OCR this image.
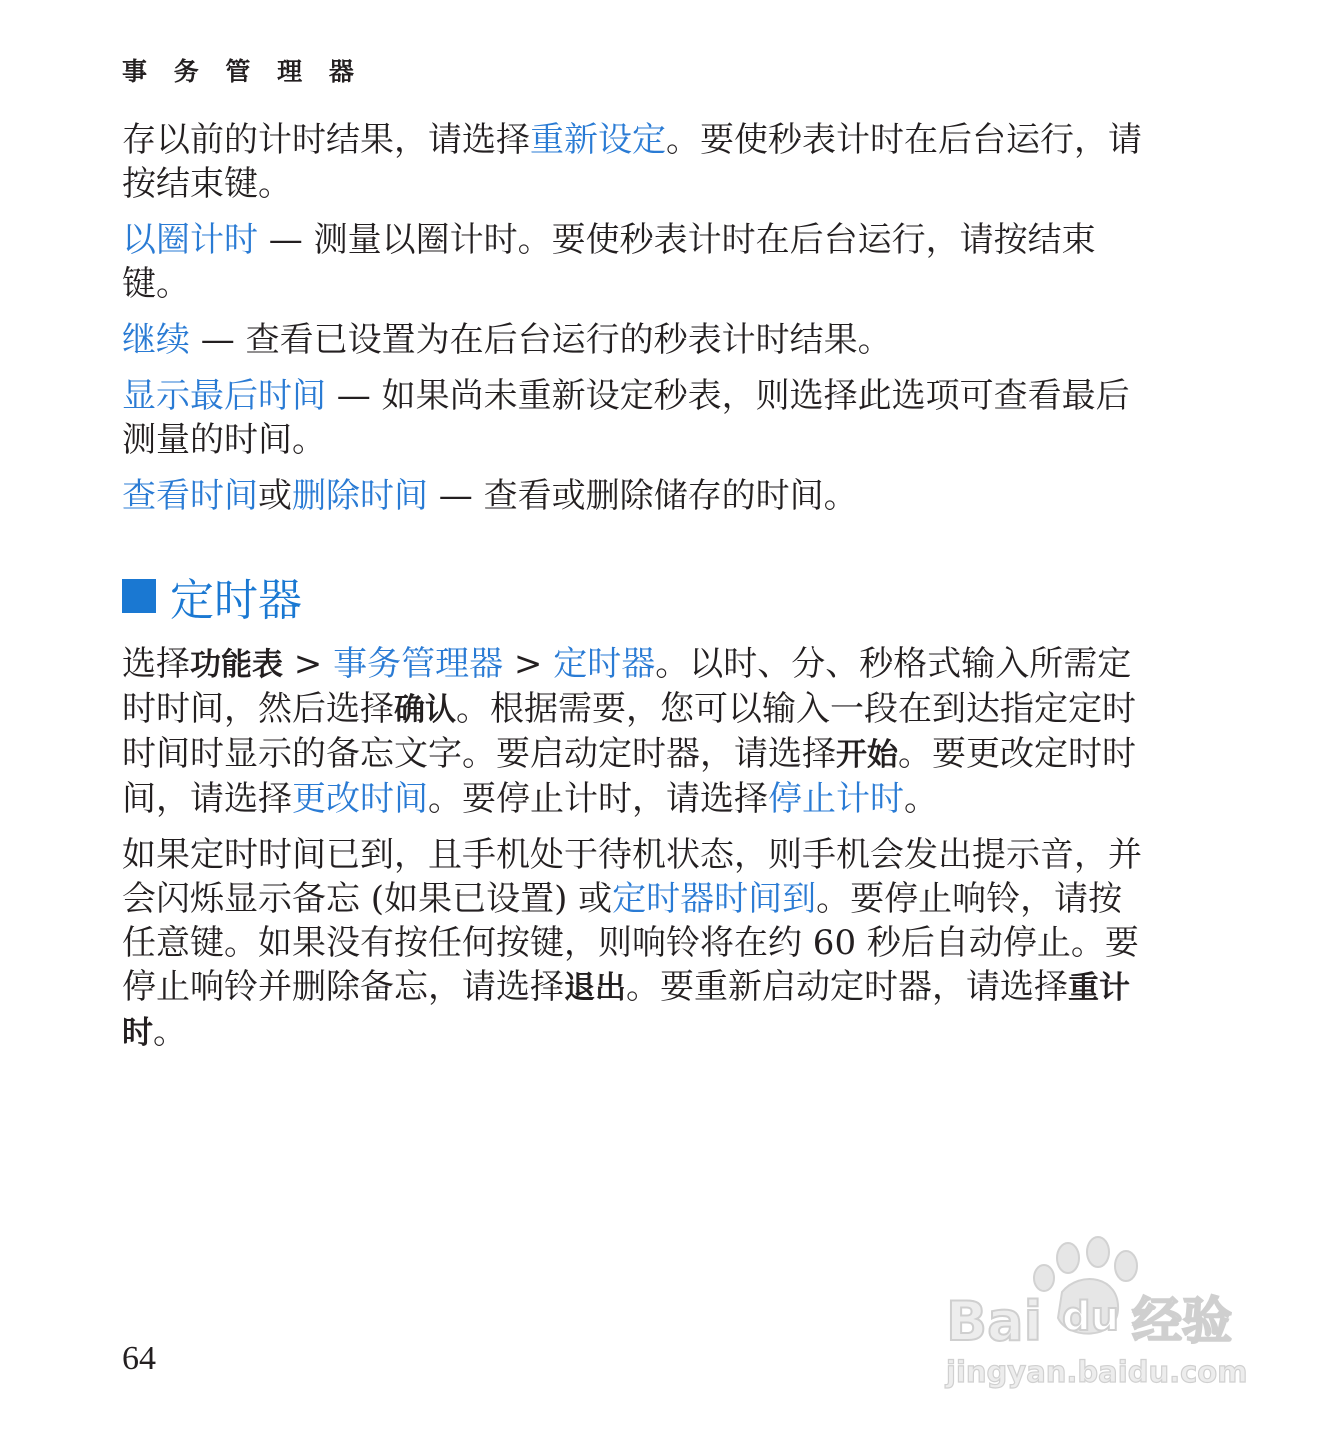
事 务 管 理 器

存以前的计时结果，请选择重新设定。要使秒表计时在后台运行，请按结束键。

以圈计时 — 测量以圈计时。要使秒表计时在后台运行，请按结束键。

继续 — 查看已设置为在后台运行的秒表计时结果。

显示最后时间 — 如果尚未重新设定秒表，则选择此选项可查看最后测量的时间。

查看时间或删除时间 — 查看或删除储存的时间。

定时器

选择功能表 > 事务管理器 > 定时器。以时、分、秒格式输入所需定时时间，然后选择确认。根据需要，您可以输入一段在到达指定定时时间时显示的备忘文字。要启动定时器，请选择开始。要更改定时时间，请选择更改时间。要停止计时，请选择停止计时。

如果定时时间已到，且手机处于待机状态，则手机会发出提示音，并会闪烁显示备忘 (如果已设置) 或定时器时间到。要停止响铃，请按任意键。如果没有按任何按键，则响铃将在约 60 秒后自动停止。要停止响铃并删除备忘，请选择退出。要重新启动定时器，请选择重计时。

64
Bai du 经验
jingyan.baidu.com
